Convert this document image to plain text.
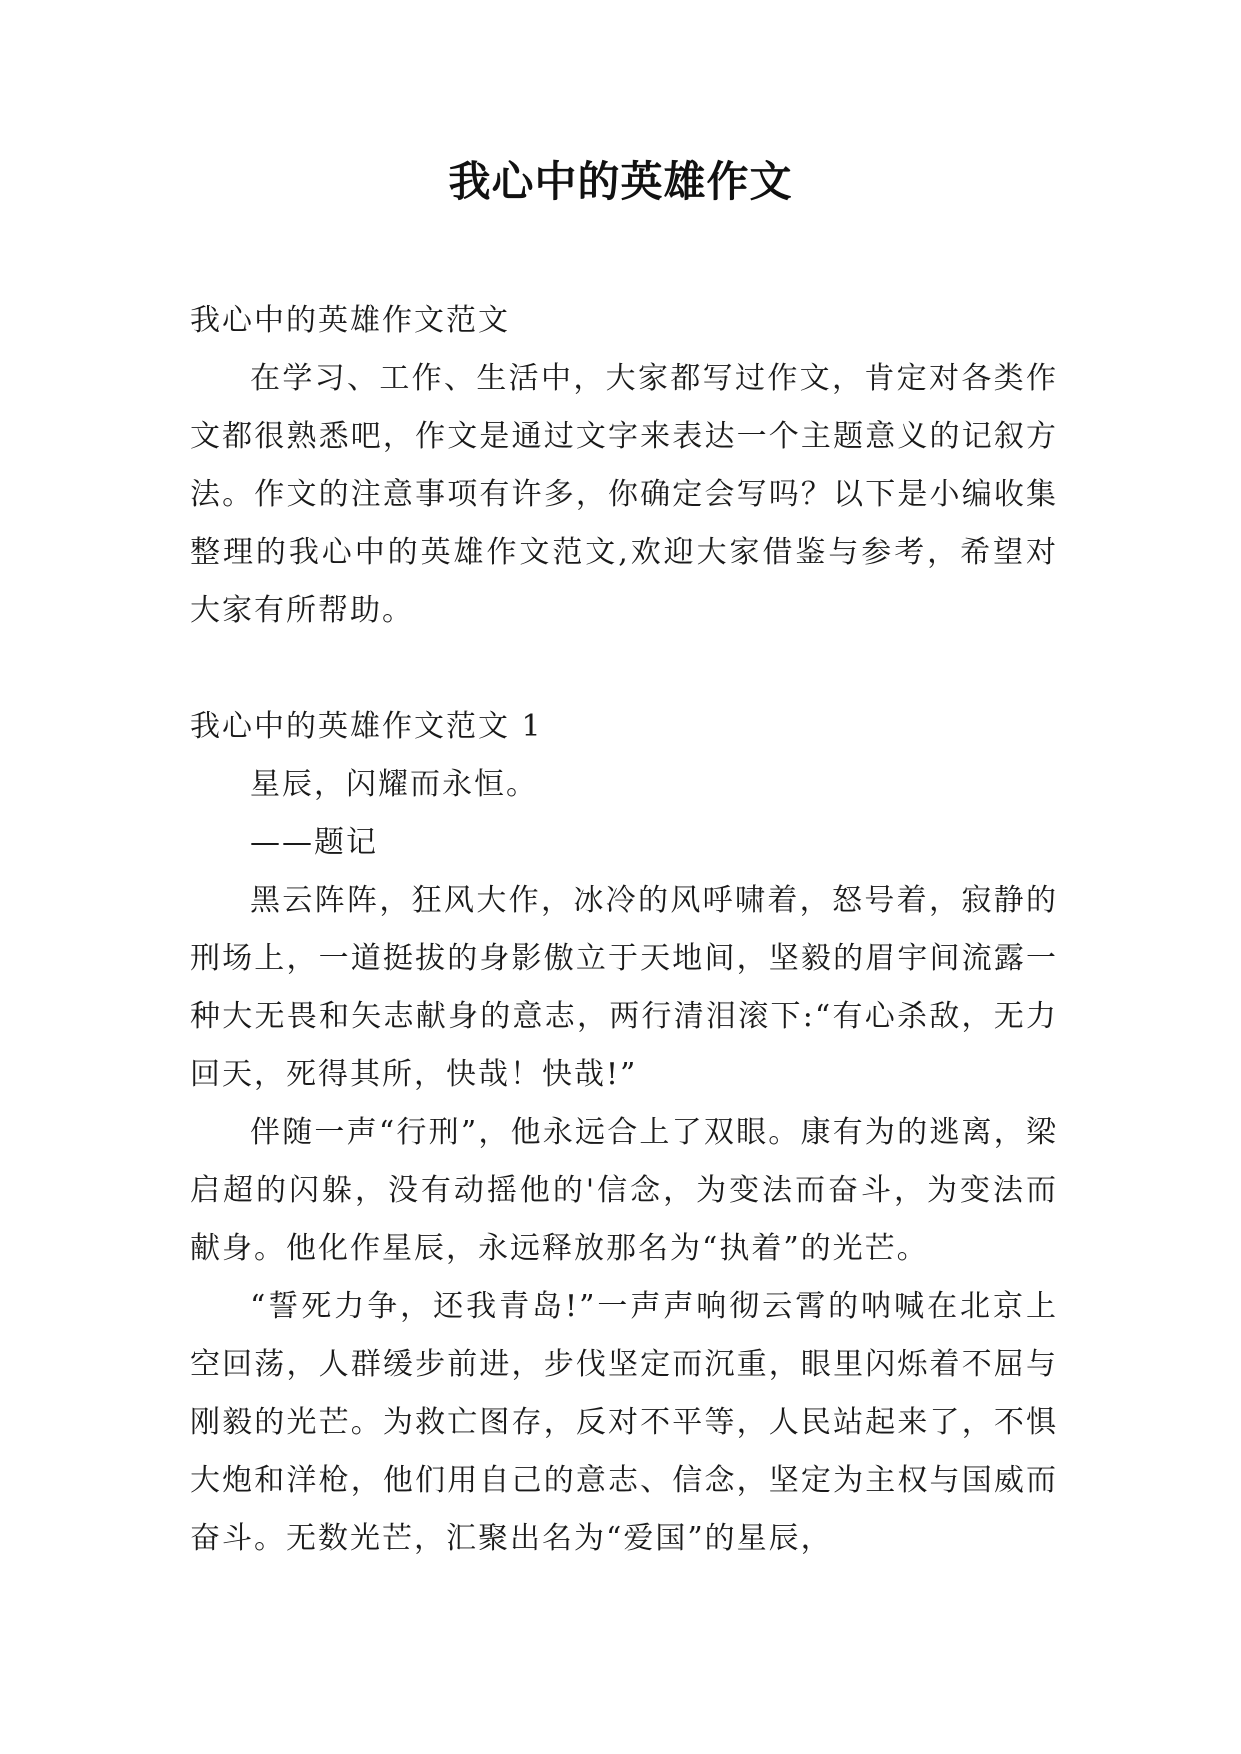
我心中的英雄作文

我心中的英雄作文范文

在学习、工作、生活中，大家都写过作文，肯定对各类作文都很熟悉吧，作文是通过文字来表达一个主题意义的记叙方法。作文的注意事项有许多，你确定会写吗？以下是小编收集整理的我心中的英雄作文范文,欢迎大家借鉴与参考，希望对大家有所帮助。

我心中的英雄作文范文 1

星辰，闪耀而永恒。

——题记

黑云阵阵，狂风大作，冰冷的风呼啸着，怒号着，寂静的刑场上，一道挺拔的身影傲立于天地间，坚毅的眉宇间流露一种大无畏和矢志献身的意志，两行清泪滚下:“有心杀敌，无力回天，死得其所，快哉！快哉!”

伴随一声“行刑”，他永远合上了双眼。康有为的逃离，梁启超的闪躲，没有动摇他的'信念，为变法而奋斗，为变法而献身。他化作星辰，永远释放那名为“执着”的光芒。

“誓死力争，还我青岛!”一声声响彻云霄的呐喊在北京上空回荡，人群缓步前进，步伐坚定而沉重，眼里闪烁着不屈与刚毅的光芒。为救亡图存，反对不平等，人民站起来了，不惧大炮和洋枪，他们用自己的意志、信念，坚定为主权与国威而奋斗。无数光芒，汇聚出名为“爱国”的星辰，
